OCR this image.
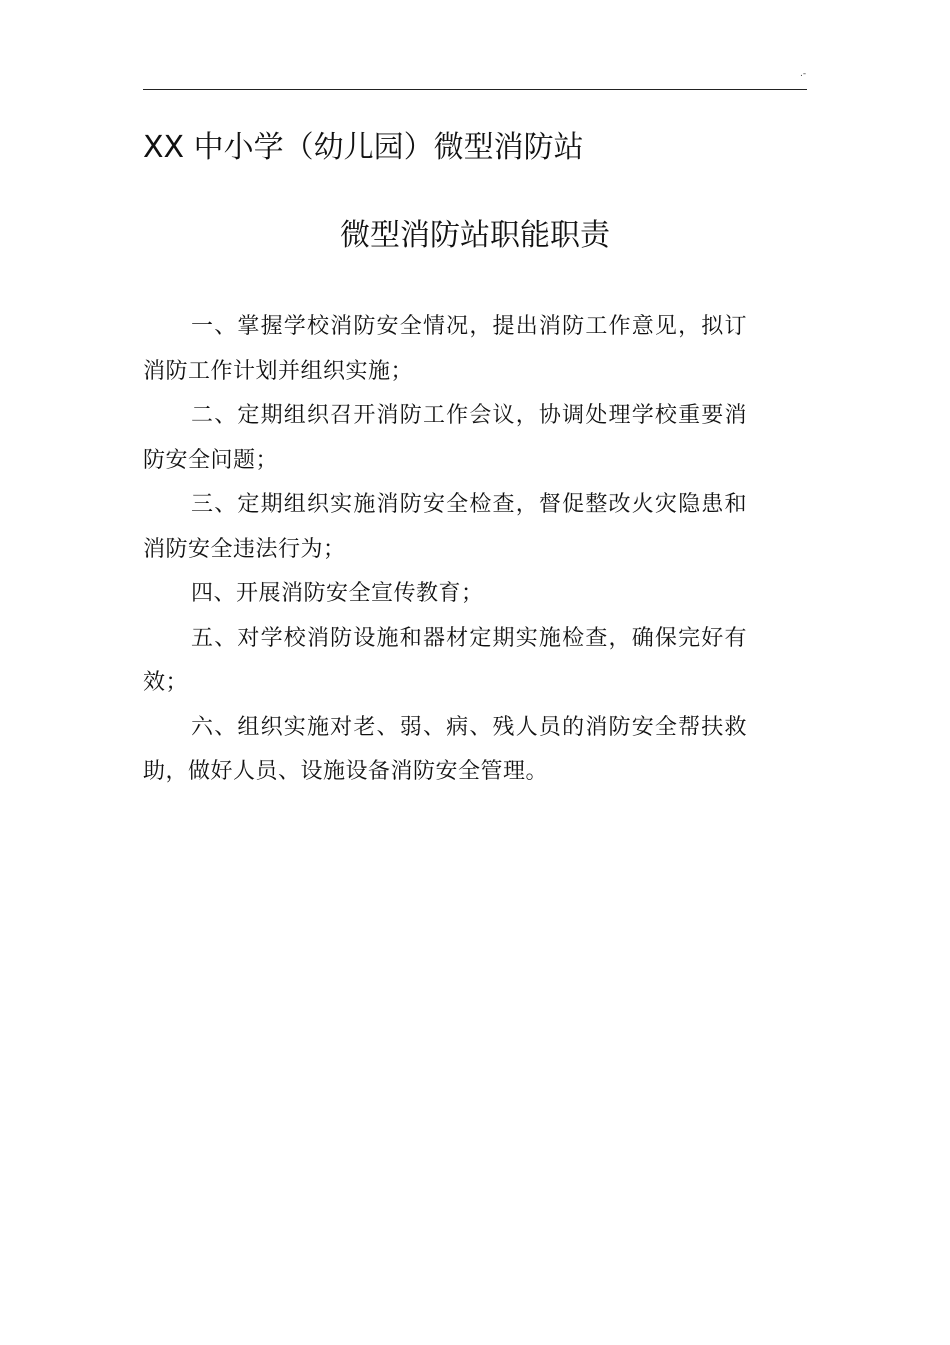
.-
XX 中小学（幼儿园）微型消防站
微型消防站职能职责

一、掌握学校消防安全情况，提出消防工作意见，拟订消防工作计划并组织实施；

二、定期组织召开消防工作会议，协调处理学校重要消防安全问题；

三、定期组织实施消防安全检查，督促整改火灾隐患和消防安全违法行为；

四、开展消防安全宣传教育；

五、对学校消防设施和器材定期实施检查，确保完好有效；

六、组织实施对老、弱、病、残人员的消防安全帮扶救助，做好人员、设施设备消防安全管理。
